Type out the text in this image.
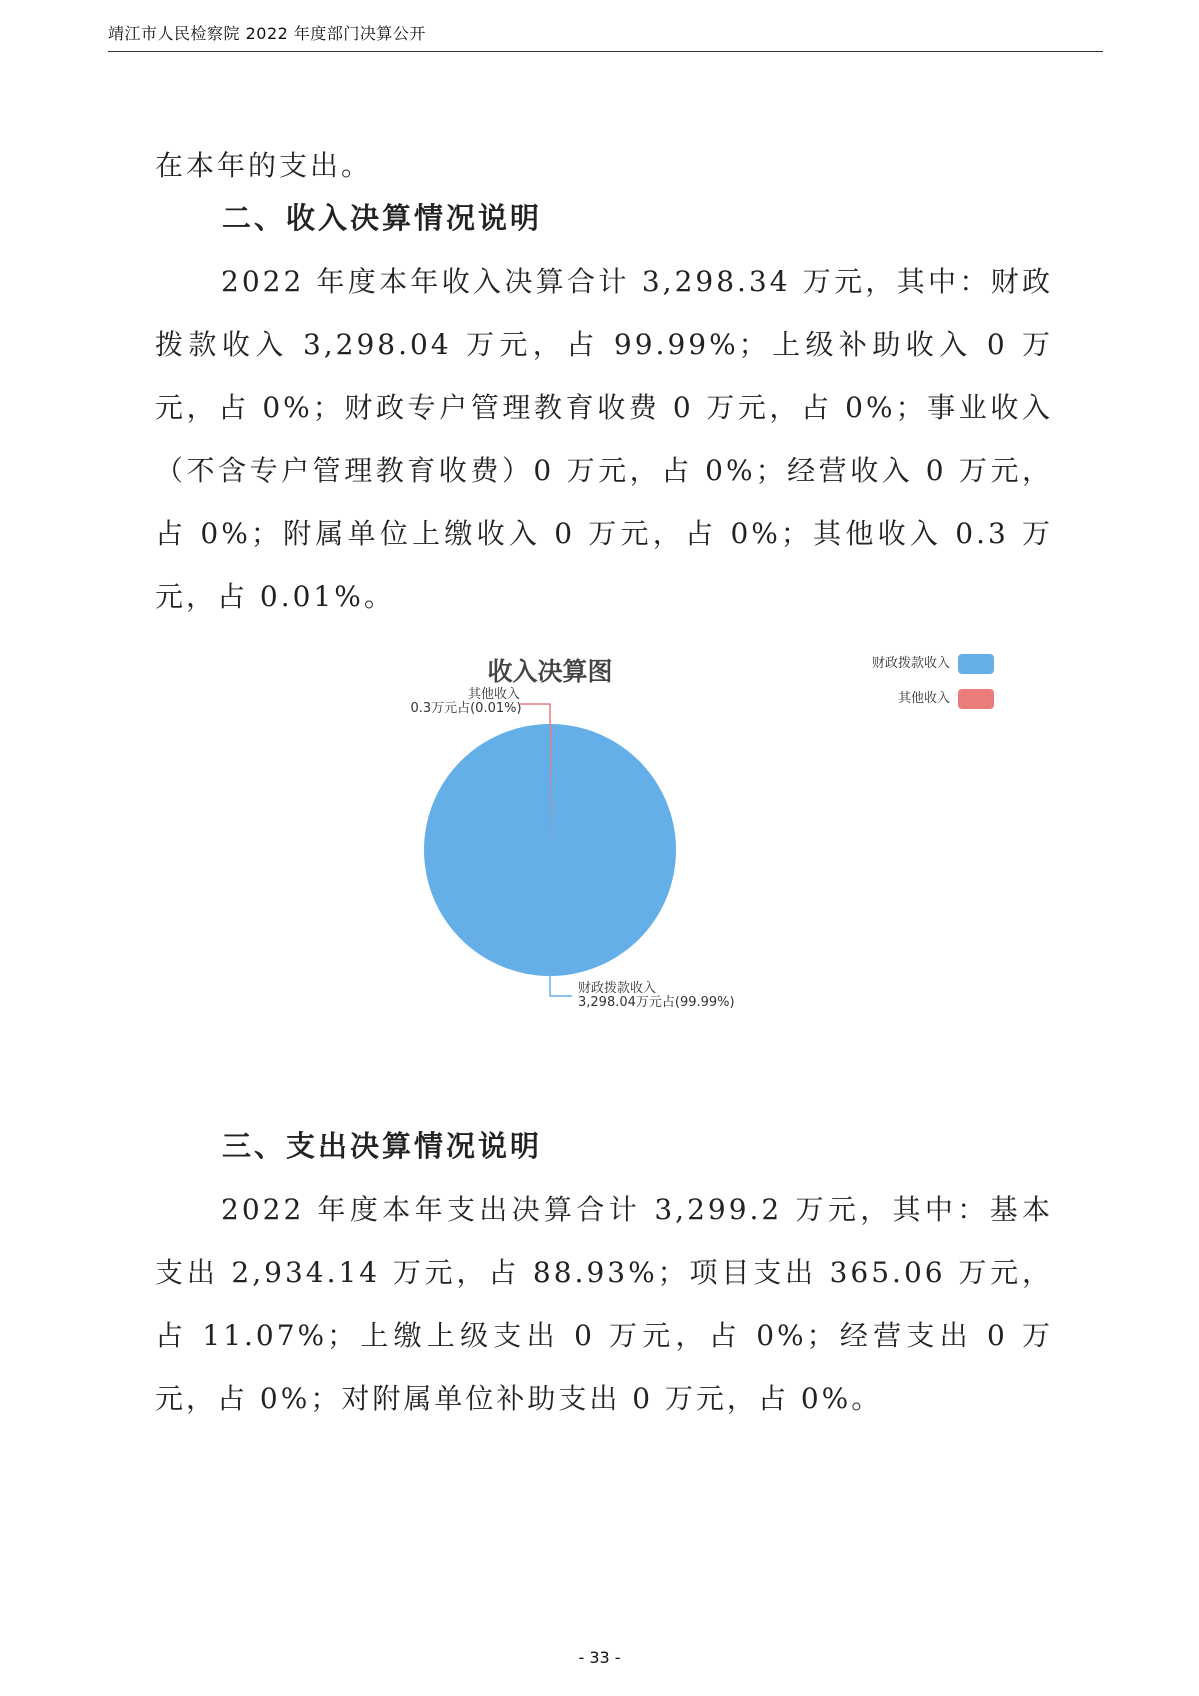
靖江市人民检察院 2022 年度部门决算公开
在本年的支出。
二、收入决算情况说明
2022 年度本年收入决算合计 3,298.34 万元，其中：财政拨款收入 3,298.04 万元，占 99.99%；上级补助收入 0 万元，占 0%；财政专户管理教育收费 0 万元，占 0%；事业收入（不含专户管理教育收费）0 万元，占 0%；经营收入 0 万元，占 0%；附属单位上缴收入 0 万元，占 0%；其他收入 0.3 万元，占 0.01%。
收入决算图	财政拨款收入
其他收入
其他收入
0.3万元占(0.01%)
财政拨款收入
3,298.04万元占(99.99%)
三、支出决算情况说明
2022 年度本年支出决算合计 3,299.2 万元，其中：基本支出 2,934.14 万元，占 88.93%；项目支出 365.06 万元，占 11.07%；上缴上级支出 0 万元，占 0%；经营支出 0 万元，占 0%；对附属单位补助支出 0 万元，占 0%。
- 33 -
